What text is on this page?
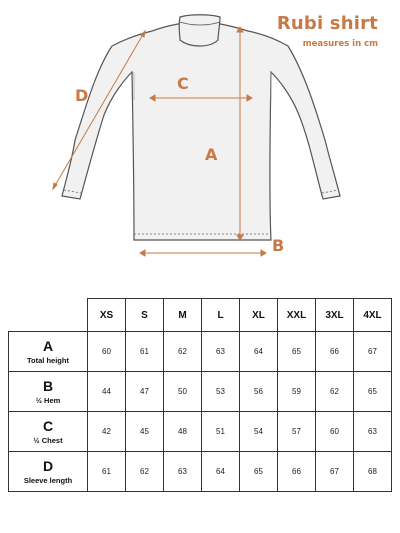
D
C
A
B
Rubi shirt
measures in cm
	XS	S	M	L	XL	XXL	3XL	4XL

A
Total height	60	61	62	63	64	65	66	67

B
½ Hem	44	47	50	53	56	59	62	65

C
½ Chest	42	45	48	51	54	57	60	63

D
Sleeve length	61	62	63	64	65	66	67	68
